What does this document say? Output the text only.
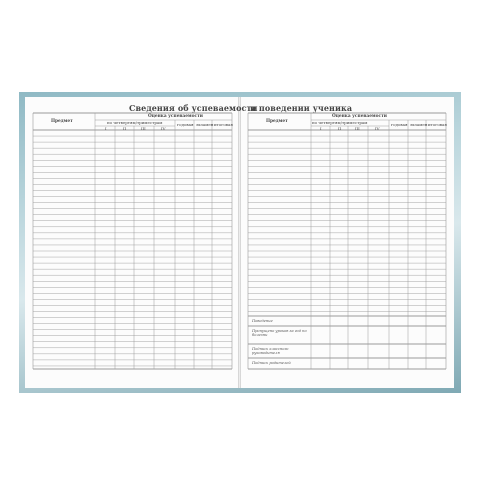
Сведения об успеваемости
и поведении ученика
Предмет
Оценка успеваемости
по четвертям/триместрам
I	II	III	IV
годовая экзамен итоговая
Предмет
Оценка успеваемости
по четвертям/триместрам
I	II	III	IV
годовая экзамен итоговая
Поведение
Пропущено уроков за год по болезни
Подпись классного руководителя
Подпись родителей
